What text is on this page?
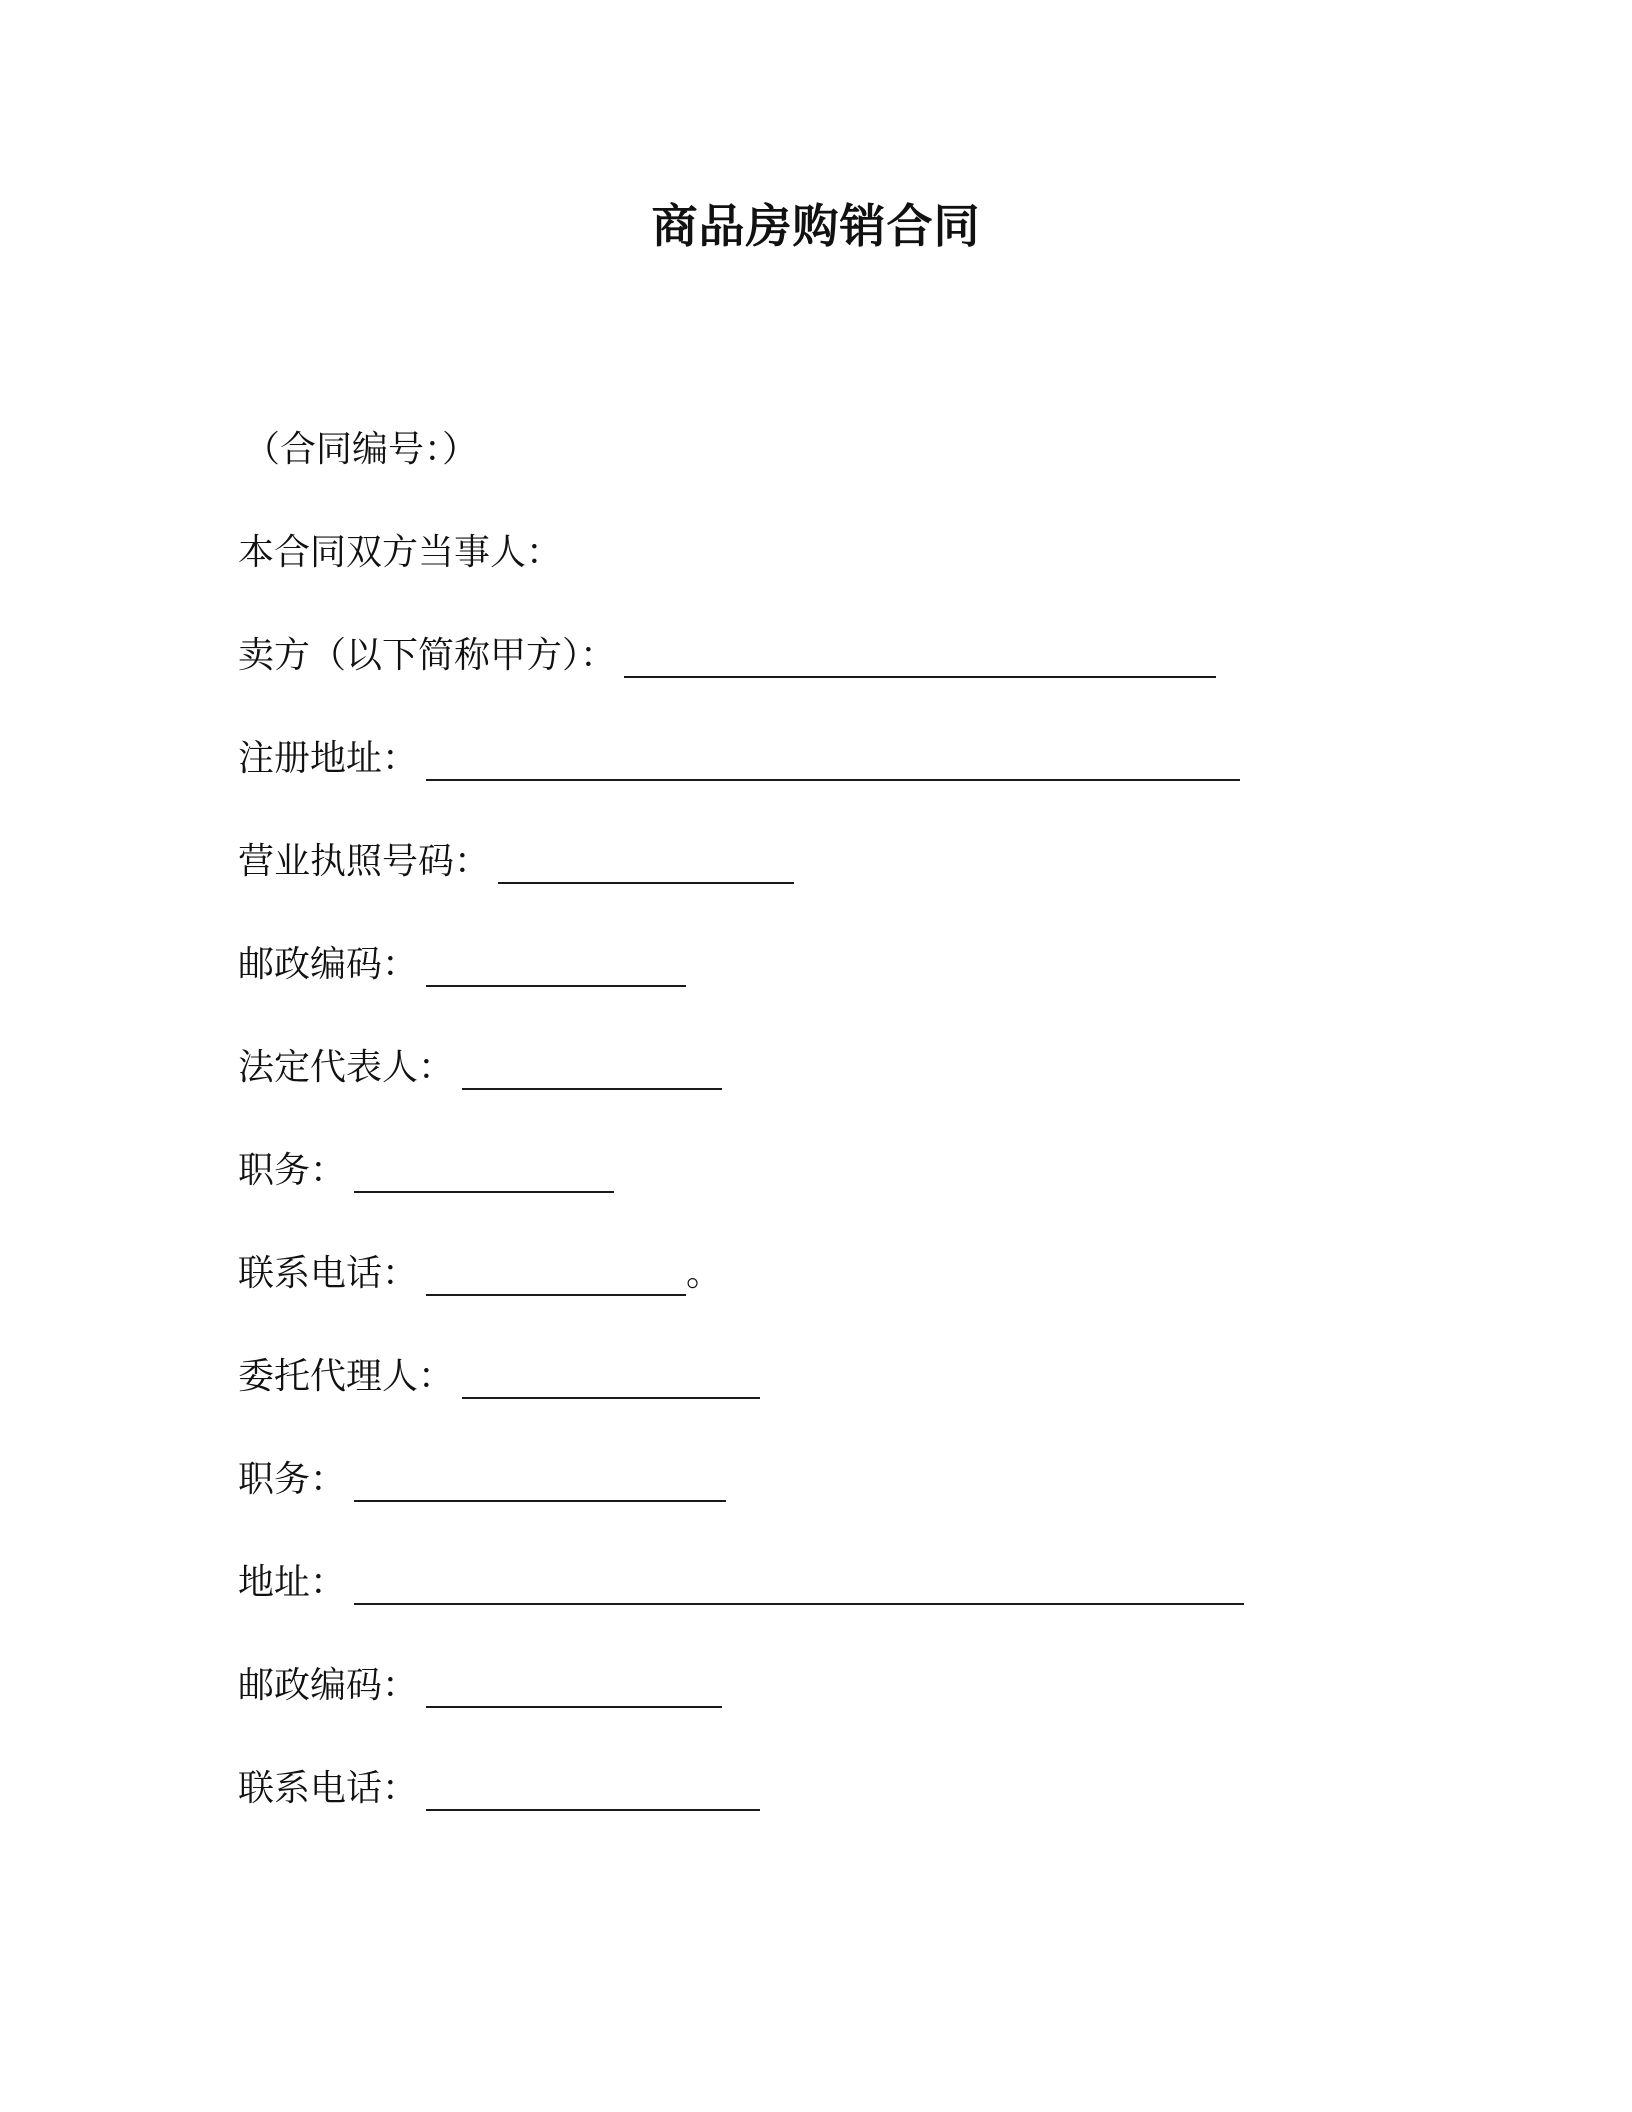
商品房购销合同
（合同编号：）
本合同双方当事人：
卖方（以下简称甲方）：
注册地址：
营业执照号码：
邮政编码：
法定代表人：
职务：
联系电话：	。
委托代理人：
职务：
地址：
邮政编码：
联系电话：
